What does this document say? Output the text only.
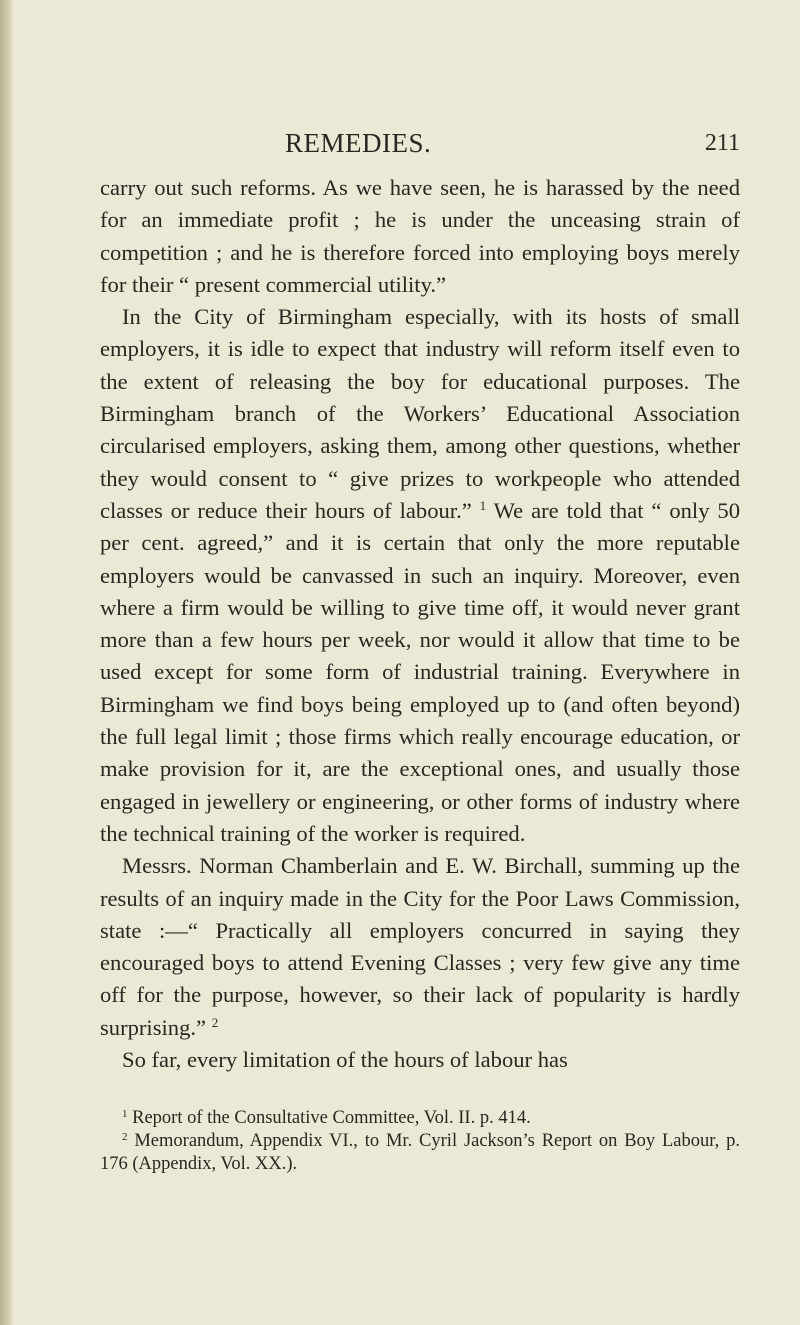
REMEDIES.	211

carry out such reforms. As we have seen, he is harassed by the need for an immediate profit ; he is under the unceasing strain of competition ; and he is therefore forced into employing boys merely for their “ present commercial utility.”

In the City of Birmingham especially, with its hosts of small employers, it is idle to expect that industry will reform itself even to the extent of releasing the boy for educational purposes. The Birmingham branch of the Workers’ Educational Association circularised employers, asking them, among other questions, whether they would consent to “ give prizes to workpeople who attended classes or reduce their hours of labour.” $^1$ We are told that “ only 50 per cent. agreed,” and it is certain that only the more reputable employers would be canvassed in such an inquiry. Moreover, even where a firm would be willing to give time off, it would never grant more than a few hours per week, nor would it allow that time to be used except for some form of industrial training. Everywhere in Birmingham we find boys being employed up to (and often beyond) the full legal limit ; those firms which really encourage education, or make provision for it, are the exceptional ones, and usually those engaged in jewellery or engineering, or other forms of industry where the technical training of the worker is required.

Messrs. Norman Chamberlain and E. W. Birchall, summing up the results of an inquiry made in the City for the Poor Laws Commission, state :—“ Practically all employers concurred in saying they encouraged boys to attend Evening Classes ; very few give any time off for the purpose, however, so their lack of popularity is hardly surprising.” $^2$

So far, every limitation of the hours of labour has

$^1$ Report of the Consultative Committee, Vol. II. p. 414.

$^2$ Memorandum, Appendix VI., to Mr. Cyril Jackson’s Report on Boy Labour, p. 176 (Appendix, Vol. XX.).
